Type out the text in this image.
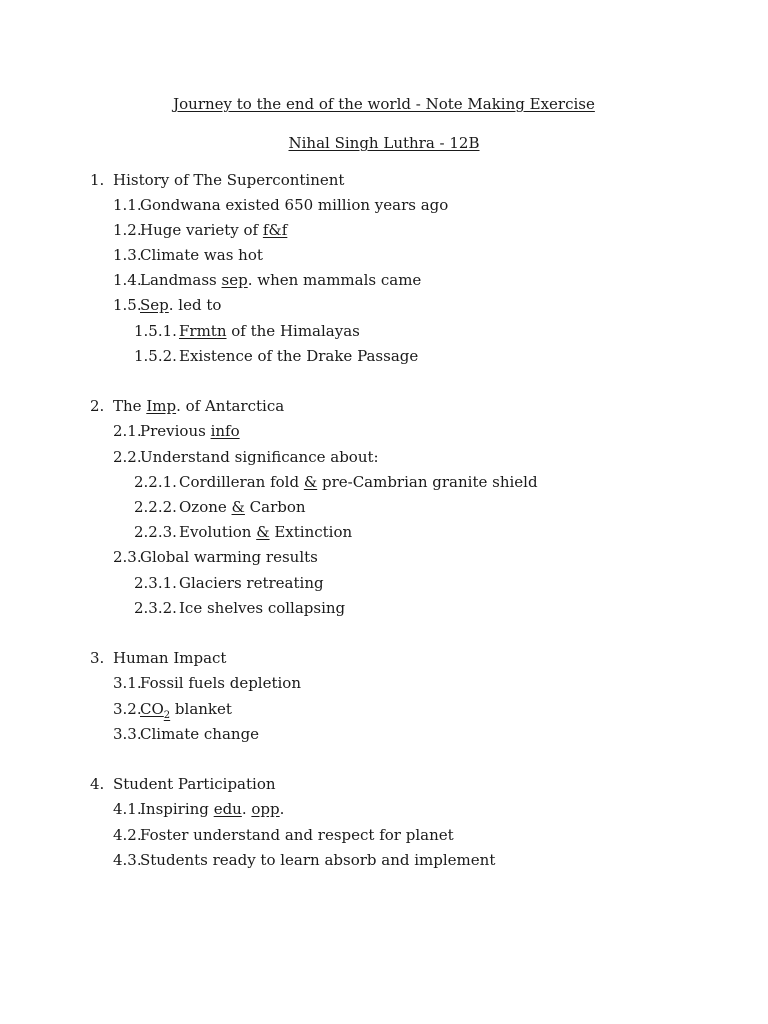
Journey to the end of the world - Note Making Exercise
Nihal Singh Luthra - 12B
1. History of The Supercontinent
1.1.Gondwana existed 650 million years ago
1.2.Huge variety of f&f
1.3.Climate was hot
1.4.Landmass sep. when mammals came
1.5.Sep. led to
1.5.1. Frmtn of the Himalayas
1.5.2. Existence of the Drake Passage
2. The Imp. of Antarctica
2.1.Previous info
2.2.Understand significance about:
2.2.1. Cordilleran fold & pre-Cambrian granite shield
2.2.2. Ozone & Carbon
2.2.3. Evolution & Extinction
2.3.Global warming results
2.3.1. Glaciers retreating
2.3.2. Ice shelves collapsing
3. Human Impact
3.1.Fossil fuels depletion
$3.2.CO_2$ blanket
3.3.Climate change
4. Student Participation
4.1.Inspiring edu. opp.
4.2.Foster understand and respect for planet
4.3.Students ready to learn absorb and implement
